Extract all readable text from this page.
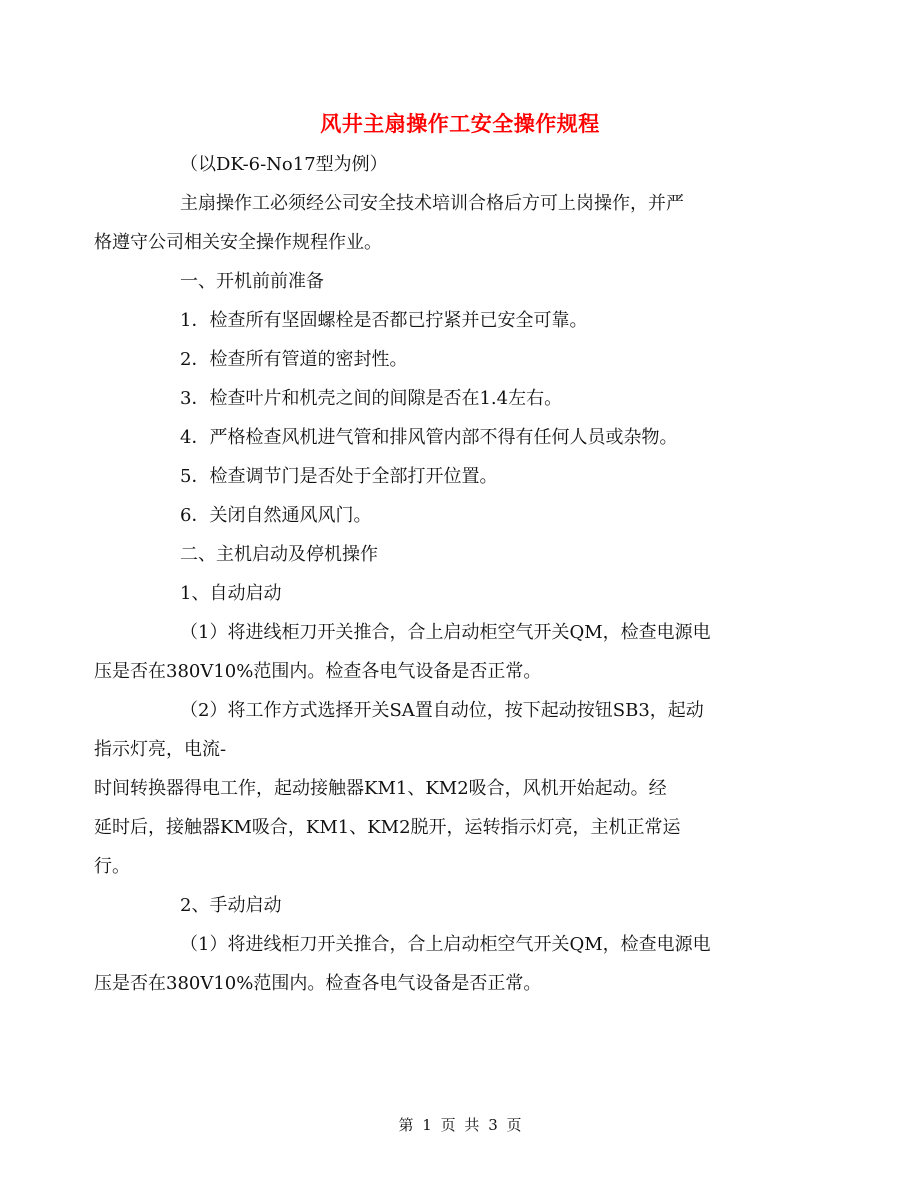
风井主扇操作工安全操作规程
（以DK-6-No17型为例）
主扇操作工必须经公司安全技术培训合格后方可上岗操作，并严
格遵守公司相关安全操作规程作业。
一、开机前前准备
1．检查所有坚固螺栓是否都已拧紧并已安全可靠。
2．检查所有管道的密封性。
3．检查叶片和机壳之间的间隙是否在1.4左右。
4．严格检查风机进气管和排风管内部不得有任何人员或杂物。
5．检查调节门是否处于全部打开位置。
6．关闭自然通风风门。
二、主机启动及停机操作
1、自动启动
（1）将进线柜刀开关推合，合上启动柜空气开关QM，检查电源电
压是否在380V10%范围内。检查各电气设备是否正常。
（2）将工作方式选择开关SA置自动位，按下起动按钮SB3，起动
指示灯亮，电流-
时间转换器得电工作，起动接触器KM1、KM2吸合，风机开始起动。经
延时后，接触器KM吸合，KM1、KM2脱开，运转指示灯亮，主机正常运
行。
2、手动启动
（1）将进线柜刀开关推合，合上启动柜空气开关QM，检查电源电
压是否在380V10%范围内。检查各电气设备是否正常。
第 1 页 共 3 页
